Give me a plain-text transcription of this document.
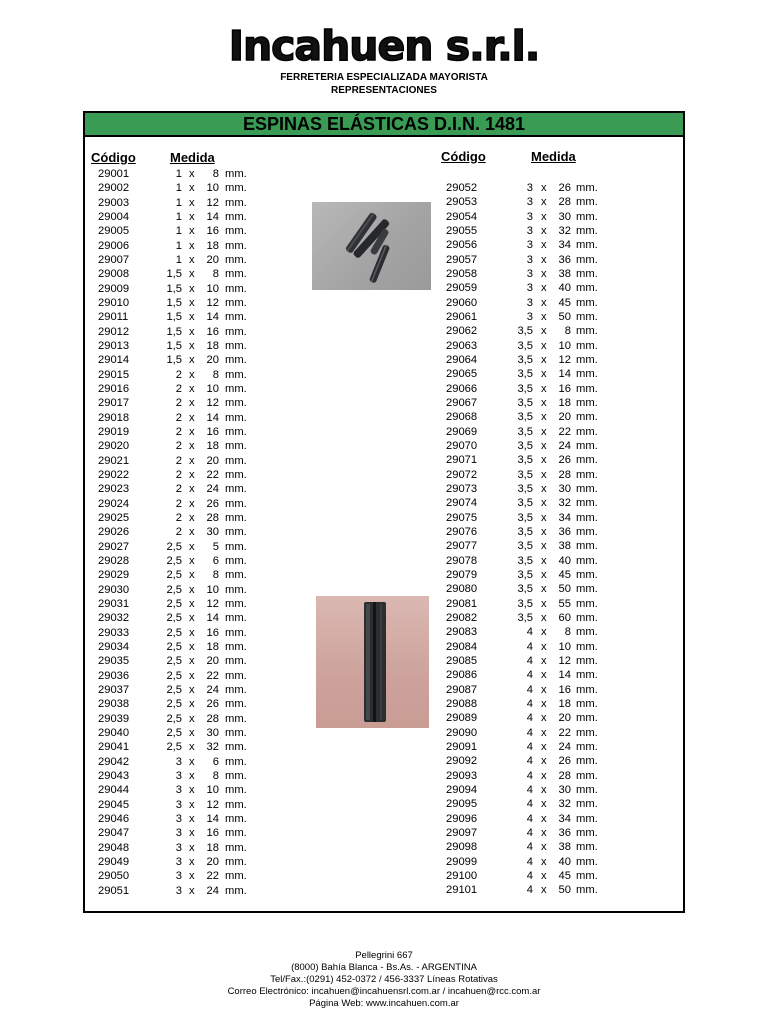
Incahuen s.r.l.
FERRETERIA ESPECIALIZADA MAYORISTA
REPRESENTACIONES
ESPINAS ELÁSTICAS D.I.N. 1481
Código	Medida	Código	Medida
29001	1 x	8 mm.
29002	1 x	10 mm.
29003	1 x	12 mm.
29004	1 x	14 mm.
29005	1 x	16 mm.
29006	1 x	18 mm.
29007	1 x	20 mm.
29008	1,5 x	8 mm.
29009	1,5 x	10 mm.
29010	1,5 x	12 mm.
29011	1,5 x	14 mm.
29012	1,5 x	16 mm.
29013	1,5 x	18 mm.
29014	1,5 x	20 mm.
29015	2 x	8 mm.
29016	2 x	10 mm.
29017	2 x	12 mm.
29018	2 x	14 mm.
29019	2 x	16 mm.
29020	2 x	18 mm.
29021	2 x	20 mm.
29022	2 x	22 mm.
29023	2 x	24 mm.
29024	2 x	26 mm.
29025	2 x	28 mm.
29026	2 x	30 mm.
29027	2,5 x	5 mm.
29028	2,5 x	6 mm.
29029	2,5 x	8 mm.
29030	2,5 x	10 mm.
29031	2,5 x	12 mm.
29032	2,5 x	14 mm.
29033	2,5 x	16 mm.
29034	2,5 x	18 mm.
29035	2,5 x	20 mm.
29036	2,5 x	22 mm.
29037	2,5 x	24 mm.
29038	2,5 x	26 mm.
29039	2,5 x	28 mm.
29040	2,5 x	30 mm.
29041	2,5 x	32 mm.
29042	3 x	6 mm.
29043	3 x	8 mm.
29044	3 x	10 mm.
29045	3 x	12 mm.
29046	3 x	14 mm.
29047	3 x	16 mm.
29048	3 x	18 mm.
29049	3 x	20 mm.
29050	3 x	22 mm.
29051	3 x	24 mm.
29052	3 x	26 mm.
29053	3 x	28 mm.
29054	3 x	30 mm.
29055	3 x	32 mm.
29056	3 x	34 mm.
29057	3 x	36 mm.
29058	3 x	38 mm.
29059	3 x	40 mm.
29060	3 x	45 mm.
29061	3 x	50 mm.
29062	3,5 x	8 mm.
29063	3,5 x	10 mm.
29064	3,5 x	12 mm.
29065	3,5 x	14 mm.
29066	3,5 x	16 mm.
29067	3,5 x	18 mm.
29068	3,5 x	20 mm.
29069	3,5 x	22 mm.
29070	3,5 x	24 mm.
29071	3,5 x	26 mm.
29072	3,5 x	28 mm.
29073	3,5 x	30 mm.
29074	3,5 x	32 mm.
29075	3,5 x	34 mm.
29076	3,5 x	36 mm.
29077	3,5 x	38 mm.
29078	3,5 x	40 mm.
29079	3,5 x	45 mm.
29080	3,5 x	50 mm.
29081	3,5 x	55 mm.
29082	3,5 x	60 mm.
29083	4 x	8 mm.
29084	4 x	10 mm.
29085	4 x	12 mm.
29086	4 x	14 mm.
29087	4 x	16 mm.
29088	4 x	18 mm.
29089	4 x	20 mm.
29090	4 x	22 mm.
29091	4 x	24 mm.
29092	4 x	26 mm.
29093	4 x	28 mm.
29094	4 x	30 mm.
29095	4 x	32 mm.
29096	4 x	34 mm.
29097	4 x	36 mm.
29098	4 x	38 mm.
29099	4 x	40 mm.
29100	4 x	45 mm.
29101	4 x	50 mm.
Pellegrini 667
(8000) Bahía Blanca - Bs.As. - ARGENTINA
Tel/Fax.:(0291) 452-0372 / 456-3337 Líneas Rotativas
Correo Electrónico: incahuen@incahuensrl.com.ar / incahuen@rcc.com.ar
Página Web: www.incahuen.com.ar
